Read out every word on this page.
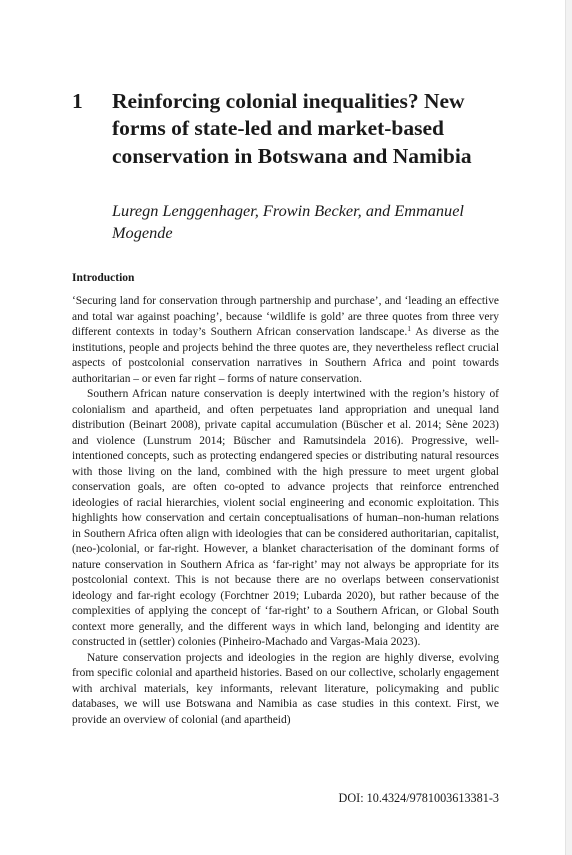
1 Reinforcing colonial inequalities? New forms of state-led and market-based conservation in Botswana and Namibia
Luregn Lenggenhager, Frowin Becker, and Emmanuel Mogende
Introduction

‘Securing land for conservation through partnership and purchase’, and ‘leading an effective and total war against poaching’, because ‘wildlife is gold’ are three quotes from three very different contexts in today’s Southern African conservation landscape.$^1$ As diverse as the institutions, people and projects behind the three quotes are, they nevertheless reflect crucial aspects of postcolonial conservation narratives in Southern Africa and point towards authoritarian – or even far right – forms of nature conservation.

Southern African nature conservation is deeply intertwined with the region’s history of colonialism and apartheid, and often perpetuates land appropriation and unequal land distribution (Beinart 2008), private capital accumulation (Büscher et al. 2014; Sène 2023) and violence (Lunstrum 2014; Büscher and Ramutsindela 2016). Progressive, well-intentioned concepts, such as protecting endangered species or distributing natural resources with those living on the land, combined with the high pressure to meet urgent global conservation goals, are often co-opted to advance projects that reinforce entrenched ideologies of racial hierarchies, violent social engineering and economic exploitation. This highlights how conservation and certain conceptualisations of human–non-human relations in Southern Africa often align with ideologies that can be considered authoritarian, capitalist, (neo-)colonial, or far-right. However, a blanket characterisation of the dominant forms of nature conservation in Southern Africa as ‘far-right’ may not always be appropriate for its postcolonial context. This is not because there are no overlaps between conservationist ideology and far-right ecology (Forchtner 2019; Lubarda 2020), but rather because of the complexities of applying the concept of ‘far-right’ to a Southern African, or Global South context more generally, and the different ways in which land, belonging and identity are constructed in (settler) colonies (Pinheiro-Machado and Vargas-Maia 2023).

Nature conservation projects and ideologies in the region are highly diverse, evolving from specific colonial and apartheid histories. Based on our collective, scholarly engagement with archival materials, key informants, relevant literature, policymaking and public databases, we will use Botswana and Namibia as case studies in this context. First, we provide an overview of colonial (and apartheid)

DOI: 10.4324/9781003613381-3
